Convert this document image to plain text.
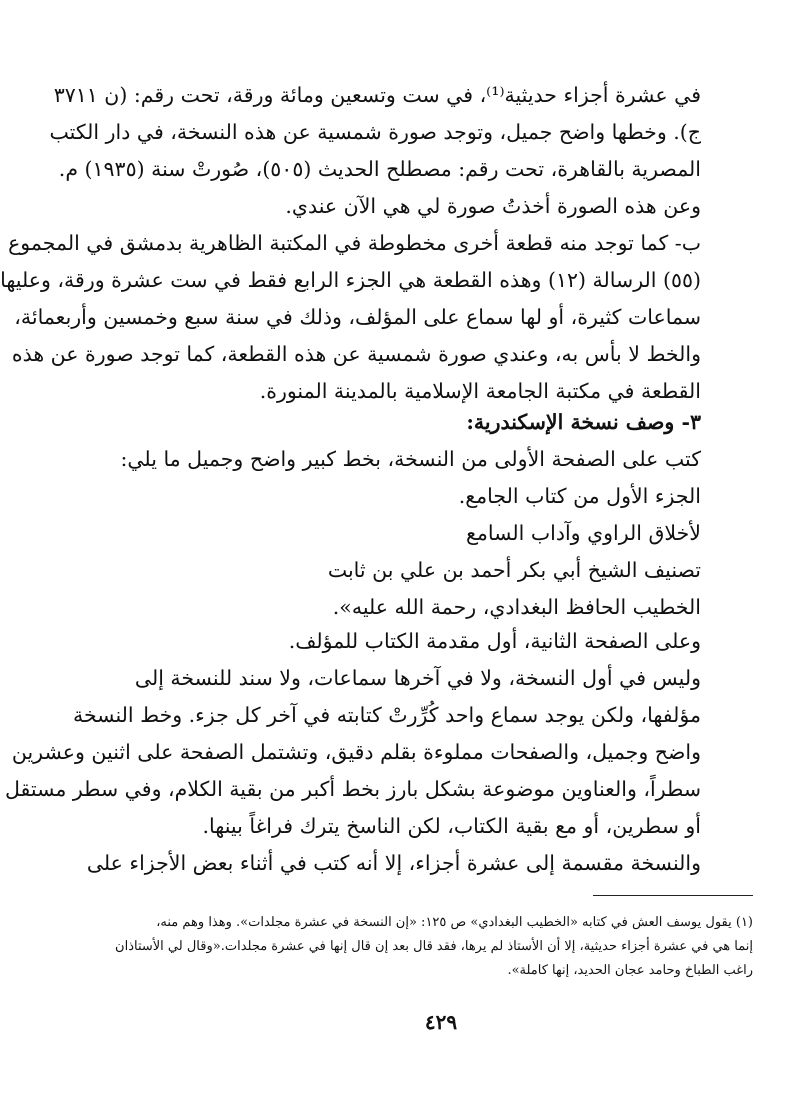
في عشرة أجزاء حديثية⁽¹⁾، في ست وتسعين ومائة ورقة، تحت رقم: (ن ٣٧١١
ج). وخطها واضح جميل، وتوجد صورة شمسية عن هذه النسخة، في دار الكتب
المصرية بالقاهرة، تحت رقم: مصطلح الحديث (٥٠٥)، صُورتْ سنة (١٩٣٥) م.
وعن هذه الصورة أخذتُ صورة لي هي الآن عندي.
ب- كما توجد منه قطعة أخرى مخطوطة في المكتبة الظاهرية بدمشق في المجموع
(٥٥) الرسالة (١٢) وهذه القطعة هي الجزء الرابع فقط في ست عشرة ورقة، وعليها
سماعات كثيرة، أو لها سماع على المؤلف، وذلك في سنة سبع وخمسين وأربعمائة،
والخط لا بأس به، وعندي صورة شمسية عن هذه القطعة، كما توجد صورة عن هذه
القطعة في مكتبة الجامعة الإسلامية بالمدينة المنورة.
٣- وصف نسخة الإسكندرية:
كتب على الصفحة الأولى من النسخة، بخط كبير واضح وجميل ما يلي:
الجزء الأول من كتاب الجامع.
لأخلاق الراوي وآداب السامع
تصنيف الشيخ أبي بكر أحمد بن علي بن ثابت
الخطيب الحافظ البغدادي، رحمة الله عليه».
وعلى الصفحة الثانية، أول مقدمة الكتاب للمؤلف.
وليس في أول النسخة، ولا في آخرها سماعات، ولا سند للنسخة إلى
مؤلفها، ولكن يوجد سماع واحد كُرِّرتْ كتابته في آخر كل جزء. وخط النسخة
واضح وجميل، والصفحات مملوءة بقلم دقيق، وتشتمل الصفحة على اثنين وعشرين
سطراً، والعناوين موضوعة بشكل بارز بخط أكبر من بقية الكلام، وفي سطر مستقل
أو سطرين، أو مع بقية الكتاب، لكن الناسخ يترك فراغاً بينها.
والنسخة مقسمة إلى عشرة أجزاء، إلا أنه كتب في أثناء بعض الأجزاء على
(١) يقول يوسف العش في كتابه «الخطيب البغدادي» ص ١٢٥: «إن النسخة في عشرة مجلدات». وهذا وهم منه،
إنما هي في عشرة أجزاء حديثية، إلا أن الأستاذ لم يرها، فقد قال بعد إن قال إنها في عشرة مجلدات.«وقال لي الأستاذان
راغب الطباخ وحامد عجان الحديد، إنها كاملة».
٤٢٩
